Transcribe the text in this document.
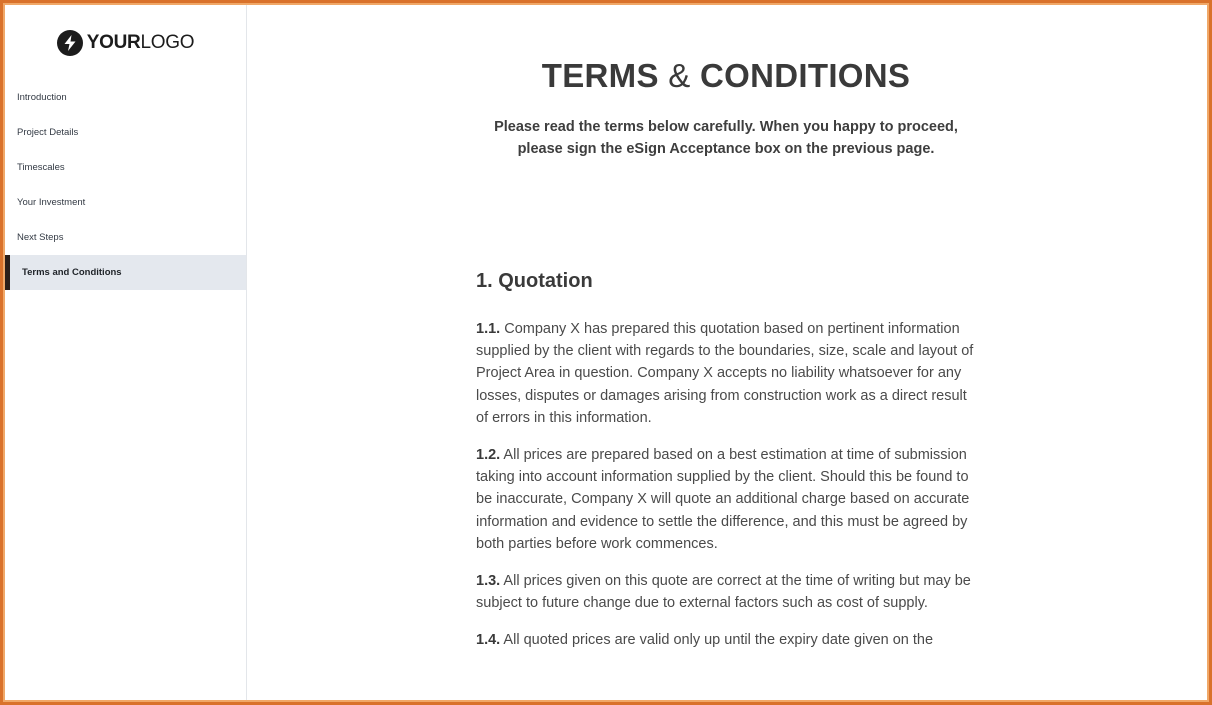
YOURLOGO
Introduction
Project Details
Timescales
Your Investment
Next Steps
Terms and Conditions
TERMS & CONDITIONS

Please read the terms below carefully. When you happy to proceed,
please sign the eSign Acceptance box on the previous page.

1. Quotation

1.1. Company X has prepared this quotation based on pertinent information supplied by the client with regards to the boundaries, size, scale and layout of Project Area in question. Company X accepts no liability whatsoever for any losses, disputes or damages arising from construction work as a direct result of errors in this information.

1.2. All prices are prepared based on a best estimation at time of submission taking into account information supplied by the client. Should this be found to be inaccurate, Company X will quote an additional charge based on accurate information and evidence to settle the difference, and this must be agreed by both parties before work commences.

1.3. All prices given on this quote are correct at the time of writing but may be subject to future change due to external factors such as cost of supply.

1.4. All quoted prices are valid only up until the expiry date given on the
